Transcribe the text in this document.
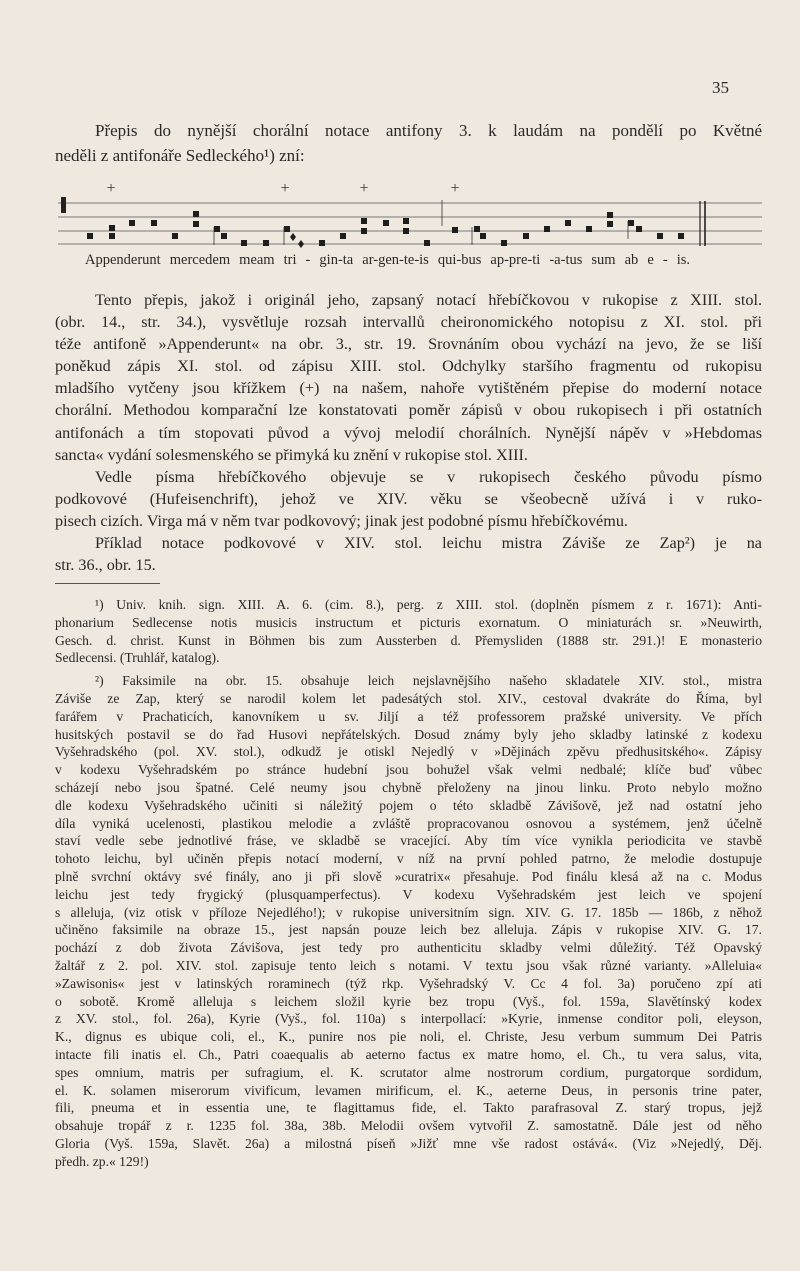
35
Přepis do nynější chorální notace antifony 3. k laudám na pondělí po Květné
neděli z antifonáře Sedleckého¹) zní:
+	+	+	+
Appenderunt mercedem meam tri - gin-ta ar-gen-te-is qui-bus ap-pre-ti -a-tus sum ab e - is.
Tento přepis, jakož i originál jeho, zapsaný notací hřebíčkovou v rukopise z XIII. stol.
(obr. 14., str. 34.), vysvětluje rozsah intervallů cheironomického notopisu z XI. stol. při
téže antifoně »Appenderunt« na obr. 3., str. 19. Srovnáním obou vychází na jevo, že se liší
poněkud zápis XI. stol. od zápisu XIII. stol. Odchylky staršího fragmentu od rukopisu
mladšího vytčeny jsou křížkem (+) na našem, nahoře vytištěném přepise do moderní notace
chorální. Methodou komparační lze konstatovati poměr zápisů v obou rukopisech i při ostatních
antifonách a tím stopovati původ a vývoj melodií chorálních. Nynější nápěv v »Hebdomas
sancta« vydání solesmenského se přimyká ku znění v rukopise stol. XIII.
Vedle písma hřebíčkového objevuje se v rukopisech českého původu písmo
podkovové (Hufeisenchrift), jehož ve XIV. věku se všeobecně užívá i v ruko-
pisech cizích. Virga má v něm tvar podkovový; jinak jest podobné písmu hřebíčkovému.
Příklad notace podkovové v XIV. stol. leichu mistra Záviše ze Zap²) je na
str. 36., obr. 15.
¹) Univ. knih. sign. XIII. A. 6. (cim. 8.), perg. z XIII. stol. (doplněn písmem z r. 1671): Anti-
phonarium Sedlecense notis musicis instructum et picturis exornatum. O miniaturách sr. »Neuwirth,
Gesch. d. christ. Kunst in Böhmen bis zum Aussterben d. Přemysliden (1888 str. 291.)! E monasterio
Sedlecensi. (Truhlář, katalog).
²) Faksimile na obr. 15. obsahuje leich nejslavnějšího našeho skladatele XIV. stol., mistra
Záviše ze Zap, který se narodil kolem let padesátých stol. XIV., cestoval dvakráte do Říma, byl
farářem v Prachaticích, kanovníkem u sv. Jiljí a též professorem pražské university. Ve přích
husitských postavil se do řad Husovi nepřátelských. Dosud známy byly jeho skladby latinské z kodexu
Vyšehradského (pol. XV. stol.), odkudž je otiskl Nejedlý v »Dějinách zpěvu předhusitského«. Zápisy
v kodexu Vyšehradském po stránce hudební jsou bohužel však velmi nedbalé; klíče buď vůbec
scházejí nebo jsou špatné. Celé neumy jsou chybně přeloženy na jinou linku. Proto nebylo možno
dle kodexu Vyšehradského učiniti si náležitý pojem o této skladbě Závišově, jež nad ostatní jeho
díla vyniká ucelenosti, plastikou melodie a zvláště propracovanou osnovou a systémem, jenž účelně
staví vedle sebe jednotlivé fráse, ve skladbě se vracející. Aby tím více vynikla periodicita ve stavbě
tohoto leichu, byl učiněn přepis notací moderní, v níž na první pohled patrno, že melodie dostupuje
plně svrchní oktávy své finály, ano ji při slově »curatrix« přesahuje. Pod finálu klesá až na c. Modus
leichu jest tedy frygický (plusquamperfectus). V kodexu Vyšehradském jest leich ve spojení
s alleluja, (viz otisk v příloze Nejedlého!); v rukopise universitním sign. XIV. G. 17. 185b — 186b, z něhož
učiněno faksimile na obraze 15., jest napsán pouze leich bez alleluja. Zápis v rukopise XIV. G. 17.
pochází z dob života Závišova, jest tedy pro authenticitu skladby velmi důležitý. Též Opavský
žaltář z 2. pol. XIV. stol. zapisuje tento leich s notami. V textu jsou však různé varianty. »Alleluia«
»Zawisonis« jest v latinských roraminech (týž rkp. Vyšehradský V. Cc 4 fol. 3a) poručeno zpí ati
o sobotě. Kromě alleluja s leichem složil kyrie bez tropu (Vyš., fol. 159a, Slavětínský kodex
z XV. stol., fol. 26a), Kyrie (Vyš., fol. 110a) s interpollací: »Kyrie, inmense conditor poli, eleyson,
K., dignus es ubique coli, el., K., punire nos pie noli, el. Christe, Jesu verbum summum Dei Patris
intacte fili inatis el. Ch., Patri coaequalis ab aeterno factus ex matre homo, el. Ch., tu vera salus, vita,
spes omnium, matris per sufragium, el. K. scrutator alme nostrorum cordium, purgatorque sordidum,
el. K. solamen miserorum vivificum, levamen mirificum, el. K., aeterne Deus, in personis trine pater,
fili, pneuma et in essentia une, te flagittamus fide, el. Takto parafrasoval Z. starý tropus, jejž
obsahuje tropář z r. 1235 fol. 38a, 38b. Melodii ovšem vytvořil Z. samostatně. Dále jest od něho
Gloria (Vyš. 159a, Slavět. 26a) a milostná píseň »Jižť mne vše radost ostává«. (Viz »Nejedlý, Děj.
předh. zp.« 129!)
